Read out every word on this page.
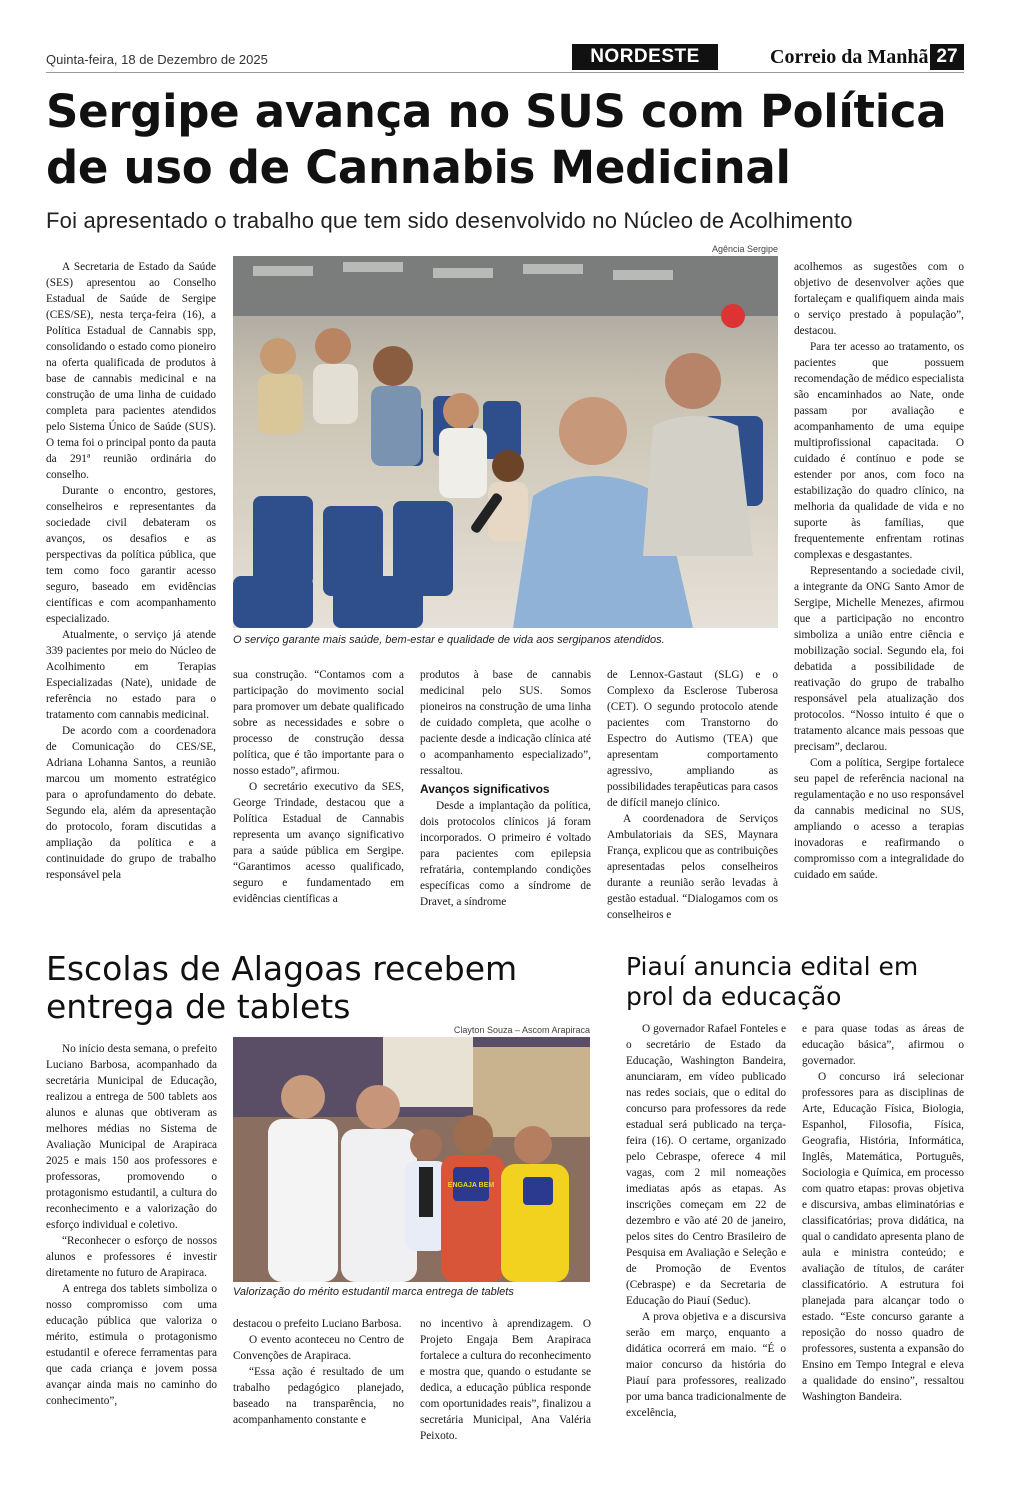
Quinta-feira, 18 de Dezembro de 2025	NORDESTE	Correio da Manhã 27
Sergipe avança no SUS com Política de uso de Cannabis Medicinal
Foi apresentado o trabalho que tem sido desenvolvido no Núcleo de Acolhimento
Agência Sergipe
O serviço garante mais saúde, bem-estar e qualidade de vida aos sergipanos atendidos.

A Secretaria de Estado da Saúde (SES) apresentou ao Conselho Estadual de Saúde de Sergipe (CES/SE), nesta terça-feira (16), a Política Estadual de Cannabis spp, consolidando o estado como pioneiro na oferta qualificada de produtos à base de cannabis medicinal e na construção de uma linha de cuidado completa para pacientes atendidos pelo Sistema Único de Saúde (SUS). O tema foi o principal ponto da pauta da 291ª reunião ordinária do conselho.

Durante o encontro, gestores, conselheiros e representantes da sociedade civil debateram os avanços, os desafios e as perspectivas da política pública, que tem como foco garantir acesso seguro, baseado em evidências científicas e com acompanhamento especializado.

Atualmente, o serviço já atende 339 pacientes por meio do Núcleo de Acolhimento em Terapias Especializadas (Nate), unidade de referência no estado para o tratamento com cannabis medicinal.

De acordo com a coordenadora de Comunicação do CES/SE, Adriana Lohanna Santos, a reunião marcou um momento estratégico para o aprofundamento do debate. Segundo ela, além da apresentação do protocolo, foram discutidas a ampliação da política e a continuidade do grupo de trabalho responsável pela

sua construção. “Contamos com a participação do movimento social para promover um debate qualificado sobre as necessidades e sobre o processo de construção dessa política, que é tão importante para o nosso estado”, afirmou.

O secretário executivo da SES, George Trindade, destacou que a Política Estadual de Cannabis representa um avanço significativo para a saúde pública em Sergipe. “Garantimos acesso qualificado, seguro e fundamentado em evidências científicas a

produtos à base de cannabis medicinal pelo SUS. Somos pioneiros na construção de uma linha de cuidado completa, que acolhe o paciente desde a indicação clínica até o acompanhamento especializado”, ressaltou.

Avanços significativos

Desde a implantação da política, dois protocolos clínicos já foram incorporados. O primeiro é voltado para pacientes com epilepsia refratária, contemplando condições específicas como a síndrome de Dravet, a síndrome

de Lennox-Gastaut (SLG) e o Complexo da Esclerose Tuberosa (CET). O segundo protocolo atende pacientes com Transtorno do Espectro do Autismo (TEA) que apresentam comportamento agressivo, ampliando as possibilidades terapêuticas para casos de difícil manejo clínico.

A coordenadora de Serviços Ambulatoriais da SES, Maynara França, explicou que as contribuições apresentadas pelos conselheiros durante a reunião serão levadas à gestão estadual. “Dialogamos com os conselheiros e

acolhemos as sugestões com o objetivo de desenvolver ações que fortaleçam e qualifiquem ainda mais o serviço prestado à população”, destacou.

Para ter acesso ao tratamento, os pacientes que possuem recomendação de médico especialista são encaminhados ao Nate, onde passam por avaliação e acompanhamento de uma equipe multiprofissional capacitada. O cuidado é contínuo e pode se estender por anos, com foco na estabilização do quadro clínico, na melhoria da qualidade de vida e no suporte às famílias, que frequentemente enfrentam rotinas complexas e desgastantes.

Representando a sociedade civil, a integrante da ONG Santo Amor de Sergipe, Michelle Menezes, afirmou que a participação no encontro simboliza a união entre ciência e mobilização social. Segundo ela, foi debatida a possibilidade de reativação do grupo de trabalho responsável pela atualização dos protocolos. “Nosso intuito é que o tratamento alcance mais pessoas que precisam”, declarou.

Com a política, Sergipe fortalece seu papel de referência nacional na regulamentação e no uso responsável da cannabis medicinal no SUS, ampliando o acesso a terapias inovadoras e reafirmando o compromisso com a integralidade do cuidado em saúde.

Escolas de Alagoas recebem entrega de tablets
Clayton Souza – Ascom Arapiraca
ENGAJA BEM
Valorização do mérito estudantil marca entrega de tablets

No início desta semana, o prefeito Luciano Barbosa, acompanhado da secretária Municipal de Educação, realizou a entrega de 500 tablets aos alunos e alunas que obtiveram as melhores médias no Sistema de Avaliação Municipal de Arapiraca 2025 e mais 150 aos professores e professoras, promovendo o protagonismo estudantil, a cultura do reconhecimento e a valorização do esforço individual e coletivo.

“Reconhecer o esforço de nossos alunos e professores é investir diretamente no futuro de Arapiraca.

A entrega dos tablets simboliza o nosso compromisso com uma educação pública que valoriza o mérito, estimula o protagonismo estudantil e oferece ferramentas para que cada criança e jovem possa avançar ainda mais no caminho do conhecimento”,

destacou o prefeito Luciano Barbosa.

O evento aconteceu no Centro de Convenções de Arapiraca.

“Essa ação é resultado de um trabalho pedagógico planejado, baseado na transparência, no acompanhamento constante e

no incentivo à aprendizagem. O Projeto Engaja Bem Arapiraca fortalece a cultura do reconhecimento e mostra que, quando o estudante se dedica, a educação pública responde com oportunidades reais”, finalizou a secretária Municipal, Ana Valéria Peixoto.

Piauí anuncia edital em prol da educação

O governador Rafael Fonteles e o secretário de Estado da Educação, Washington Bandeira, anunciaram, em vídeo publicado nas redes sociais, que o edital do concurso para professores da rede estadual será publicado na terça-feira (16). O certame, organizado pelo Cebraspe, oferece 4 mil vagas, com 2 mil nomeações imediatas após as etapas. As inscrições começam em 22 de dezembro e vão até 20 de janeiro, pelos sites do Centro Brasileiro de Pesquisa em Avaliação e Seleção e de Promoção de Eventos (Cebraspe) e da Secretaria de Educação do Piauí (Seduc).

A prova objetiva e a discursiva serão em março, enquanto a didática ocorrerá em maio. “É o maior concurso da história do Piauí para professores, realizado por uma banca tradicionalmente de excelência,

e para quase todas as áreas de educação básica”, afirmou o governador.

O concurso irá selecionar professores para as disciplinas de Arte, Educação Física, Biologia, Espanhol, Filosofia, Física, Geografia, História, Informática, Inglês, Matemática, Português, Sociologia e Química, em processo com quatro etapas: provas objetiva e discursiva, ambas eliminatórias e classificatórias; prova didática, na qual o candidato apresenta plano de aula e ministra conteúdo; e avaliação de títulos, de caráter classificatório. A estrutura foi planejada para alcançar todo o estado. “Este concurso garante a reposição do nosso quadro de professores, sustenta a expansão do Ensino em Tempo Integral e eleva a qualidade do ensino”, ressaltou Washington Bandeira.
